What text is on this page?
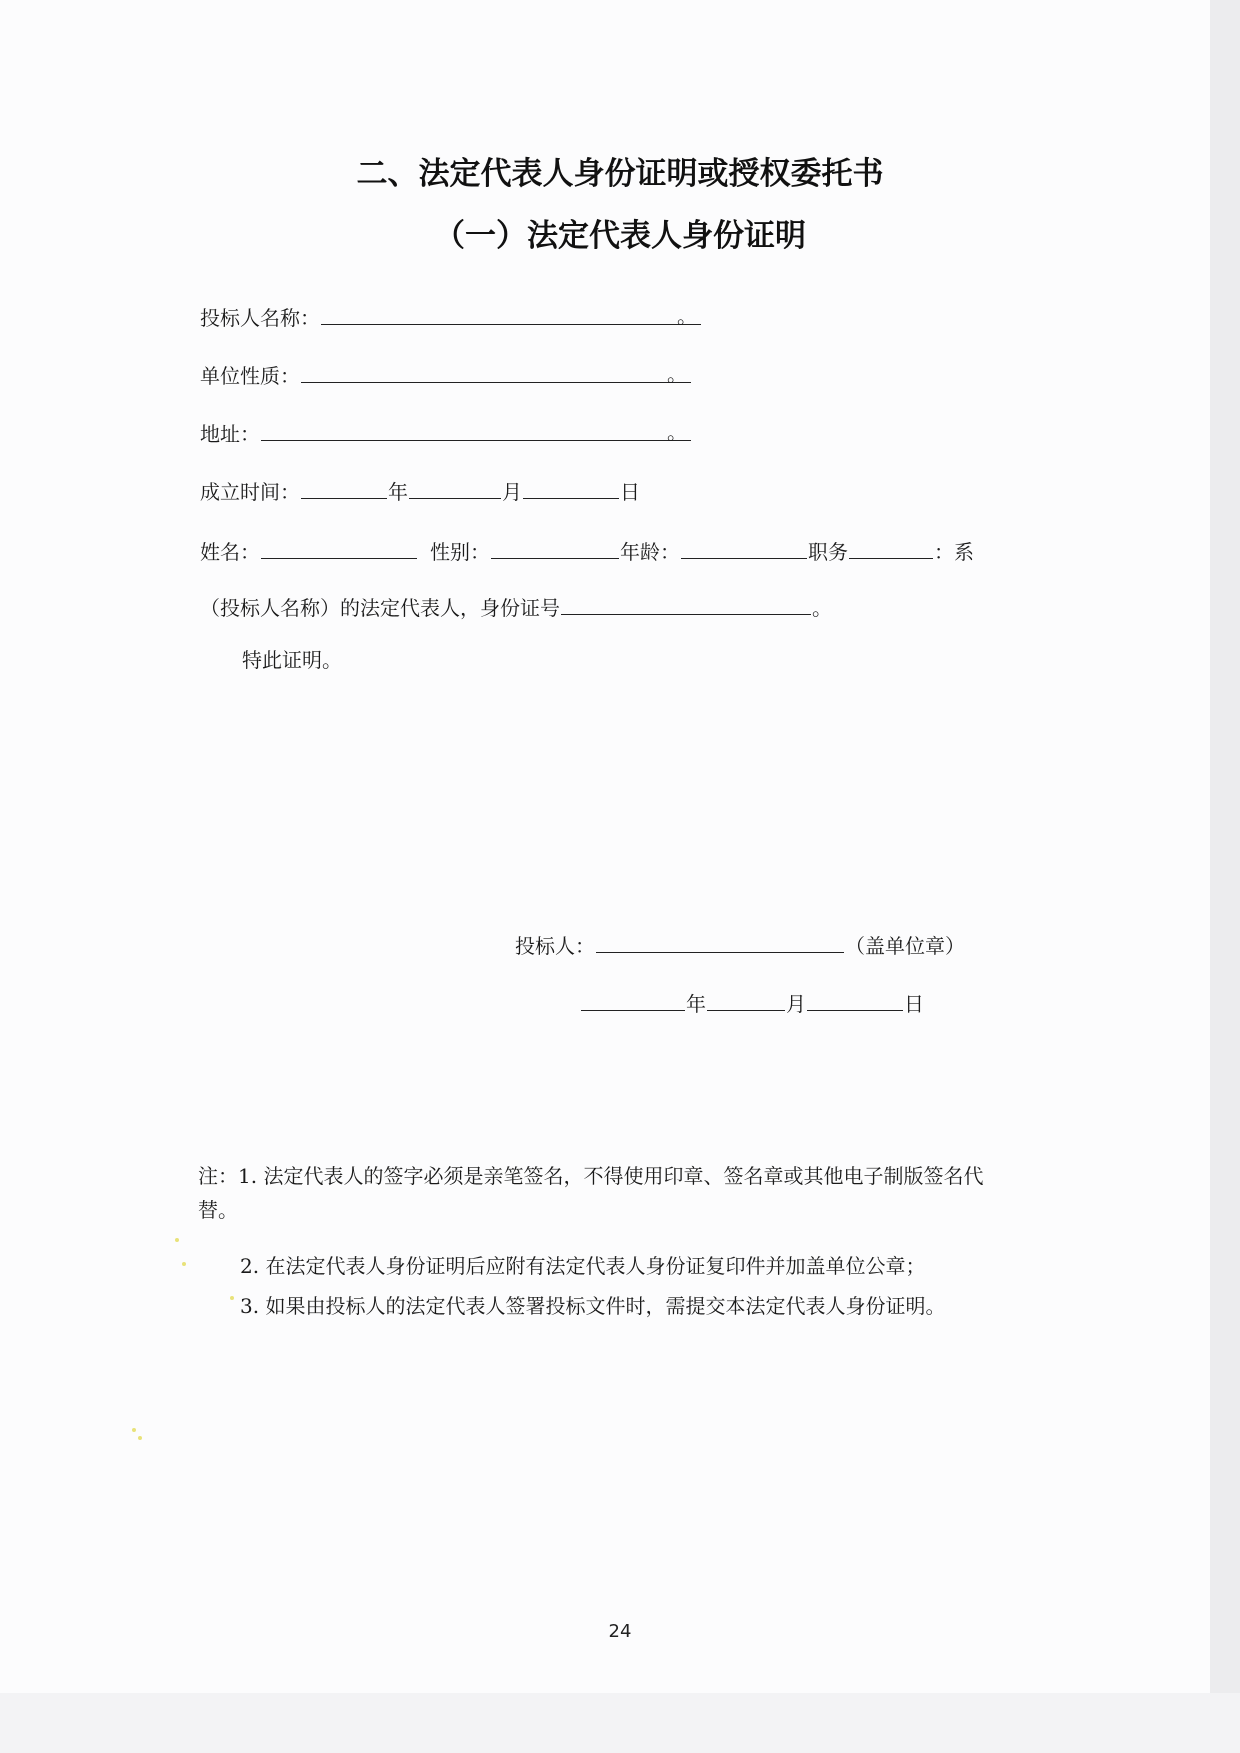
二、法定代表人身份证明或授权委托书
（一）法定代表人身份证明
投标人名称：	。
单位性质：	。
地址：	。
成立时间：	年	月	日
姓名：	性别：	年龄：	职务	：系
（投标人名称）的法定代表人，身份证号	。
特此证明。
投标人：	（盖单位章）
年	月	日
注：1. 法定代表人的签字必须是亲笔签名，不得使用印章、签名章或其他电子制版签名代
替。
2. 在法定代表人身份证明后应附有法定代表人身份证复印件并加盖单位公章；
3. 如果由投标人的法定代表人签署投标文件时，需提交本法定代表人身份证明。
24
